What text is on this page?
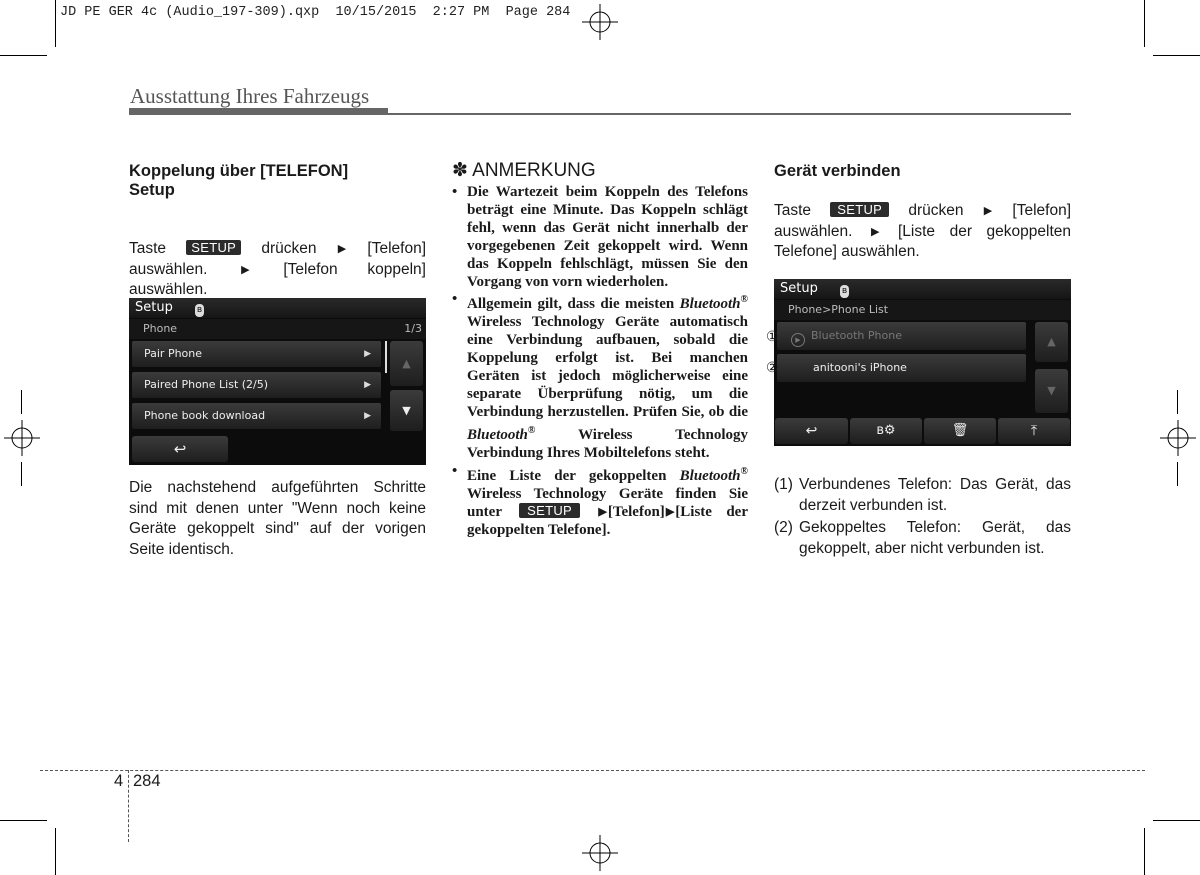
JD PE GER 4c (Audio_197-309).qxp  10/15/2015  2:27 PM  Page 284
Ausstattung Ihres Fahrzeugs
Koppelung über [TELEFON] Setup

Taste SETUP drücken ▶ [Telefon] auswählen.	▶ [Telefon koppeln] auswählen.

Setup	ʙ
Phone	1/3
Pair Phone	▶
Paired Phone List (2/5)	▶
Phone book download	▶
▲
▼
↩

Die nachstehend aufgeführten Schritte sind mit denen unter "Wenn noch keine Geräte gekoppelt sind" auf der vorigen Seite identisch.

✽ ANMERKUNG
• Die Wartezeit beim Koppeln des Telefons beträgt eine Minute. Das Koppeln schlägt fehl, wenn das Gerät nicht innerhalb der vorgegebenen Zeit gekoppelt wird. Wenn das Koppeln fehlschlägt, müssen Sie den Vorgang von vorn wiederholen.
• Allgemein gilt, dass die meisten Bluetooth® Wireless Technology Geräte automatisch eine Verbindung aufbauen, sobald die Koppelung erfolgt ist. Bei manchen Geräten ist jedoch möglicherweise eine separate Überprüfung nötig, um die Verbindung herzustellen. Prüfen Sie, ob die Bluetooth®	Wireless Technology Verbindung Ihres Mobiltelefons steht.
• Eine Liste der gekoppelten Bluetooth® Wireless Technology Geräte finden Sie unter SETUP ▶[Telefon]▶[Liste der gekoppelten Telefone].
Gerät verbinden

Taste SETUP drücken ▶ [Telefon] auswählen. ▶ [Liste der gekoppelten Telefone] auswählen.

Setup	ʙ
Phone>Phone List
▶ Bluetooth Phone
anitooni's iPhone
▲
▼
↩	ʙ⚙	🗑	⤒
①
②
(1) Verbundenes Telefon: Das Gerät, das derzeit verbunden ist.
(2) Gekoppeltes Telefon: Gerät, das gekoppelt, aber nicht verbunden ist.
4 284
